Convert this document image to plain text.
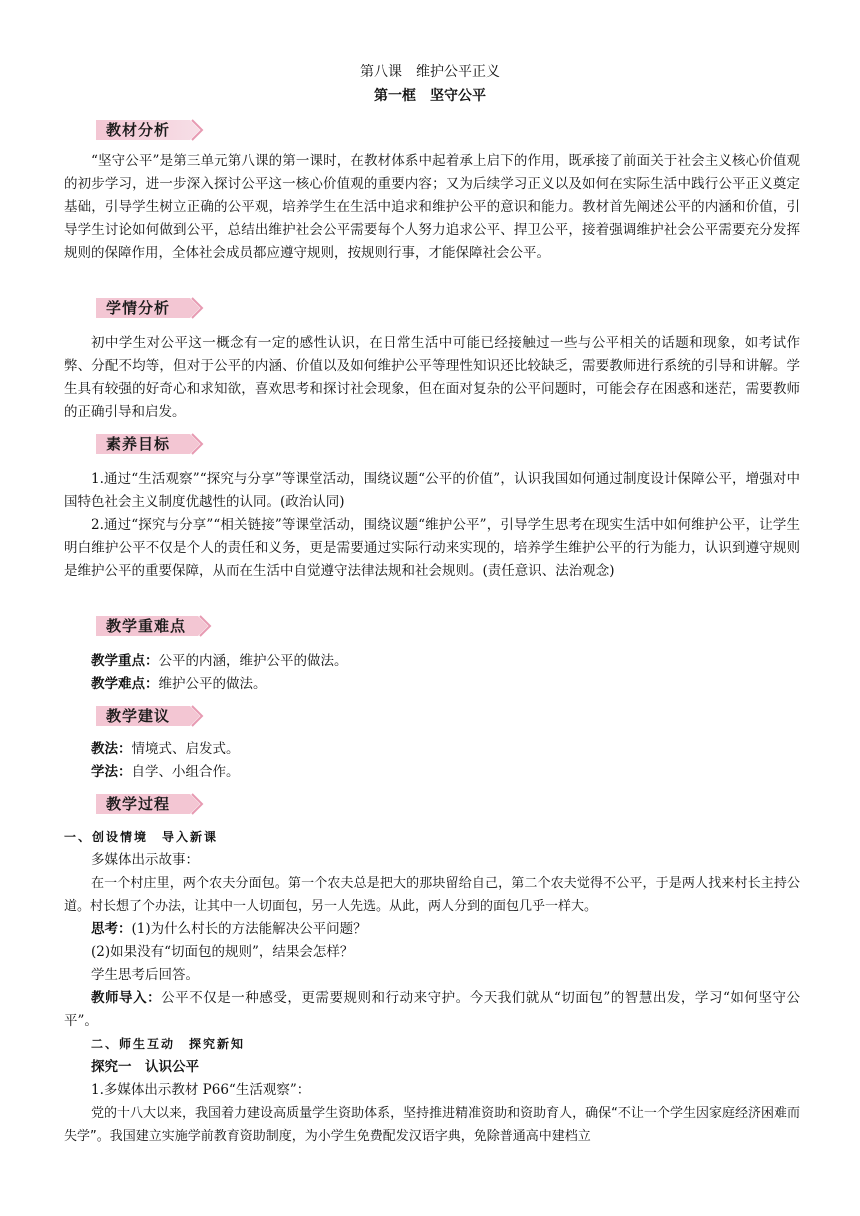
第八课　维护公平正义
第一框　坚守公平
教材分析

“坚守公平”是第三单元第八课的第一课时，在教材体系中起着承上启下的作用，既承接了前面关于社会主义核心价值观的初步学习，进一步深入探讨公平这一核心价值观的重要内容；又为后续学习正义以及如何在实际生活中践行公平正义奠定基础，引导学生树立正确的公平观，培养学生在生活中追求和维护公平的意识和能力。教材首先阐述公平的内涵和价值，引导学生讨论如何做到公平，总结出维护社会公平需要每个人努力追求公平、捍卫公平，接着强调维护社会公平需要充分发挥规则的保障作用，全体社会成员都应遵守规则，按规则行事，才能保障社会公平。

学情分析

初中学生对公平这一概念有一定的感性认识，在日常生活中可能已经接触过一些与公平相关的话题和现象，如考试作弊、分配不均等，但对于公平的内涵、价值以及如何维护公平等理性知识还比较缺乏，需要教师进行系统的引导和讲解。学生具有较强的好奇心和求知欲，喜欢思考和探讨社会现象，但在面对复杂的公平问题时，可能会存在困惑和迷茫，需要教师的正确引导和启发。

素养目标

1.通过“生活观察”“探究与分享”等课堂活动，围绕议题“公平的价值”，认识我国如何通过制度设计保障公平，增强对中国特色社会主义制度优越性的认同。(政治认同)

2.通过“探究与分享”“相关链接”等课堂活动，围绕议题“维护公平”，引导学生思考在现实生活中如何维护公平，让学生明白维护公平不仅是个人的责任和义务，更是需要通过实际行动来实现的，培养学生维护公平的行为能力，认识到遵守规则是维护公平的重要保障，从而在生活中自觉遵守法律法规和社会规则。(责任意识、法治观念)

教学重难点

教学重点：公平的内涵，维护公平的做法。

教学难点：维护公平的做法。

教学建议

教法：情境式、启发式。

学法：自学、小组合作。

教学过程

一、创设情境　导入新课

多媒体出示故事：

在一个村庄里，两个农夫分面包。第一个农夫总是把大的那块留给自己，第二个农夫觉得不公平，于是两人找来村长主持公道。村长想了个办法，让其中一人切面包，另一人先选。从此，两人分到的面包几乎一样大。

思考：(1)为什么村长的方法能解决公平问题？

(2)如果没有“切面包的规则”，结果会怎样？

学生思考后回答。

教师导入：公平不仅是一种感受，更需要规则和行动来守护。今天我们就从“切面包”的智慧出发，学习“如何坚守公平”。

二、师生互动　探究新知

探究一　认识公平

1.多媒体出示教材 P66“生活观察”：

党的十八大以来，我国着力建设高质量学生资助体系，坚持推进精准资助和资助育人，确保“不让一个学生因家庭经济困难而失学”。我国建立实施学前教育资助制度，为小学生免费配发汉语字典，免除普通高中建档立
